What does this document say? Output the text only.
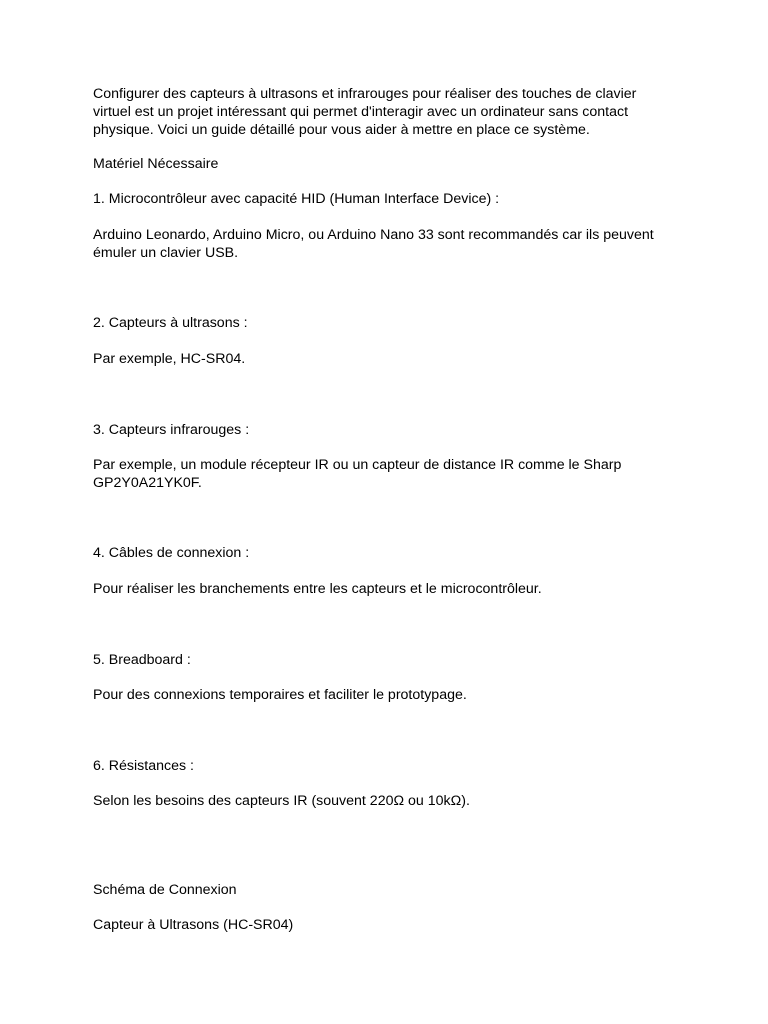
Configurer des capteurs à ultrasons et infrarouges pour réaliser des touches de clavier virtuel est un projet intéressant qui permet d'interagir avec un ordinateur sans contact physique. Voici un guide détaillé pour vous aider à mettre en place ce système.

Matériel Nécessaire

1. Microcontrôleur avec capacité HID (Human Interface Device) :

Arduino Leonardo, Arduino Micro, ou Arduino Nano 33 sont recommandés car ils peuvent émuler un clavier USB.

2. Capteurs à ultrasons :

Par exemple, HC-SR04.

3. Capteurs infrarouges :

Par exemple, un module récepteur IR ou un capteur de distance IR comme le Sharp GP2Y0A21YK0F.

4. Câbles de connexion :

Pour réaliser les branchements entre les capteurs et le microcontrôleur.

5. Breadboard :

Pour des connexions temporaires et faciliter le prototypage.

6. Résistances :

Selon les besoins des capteurs IR (souvent 220Ω ou 10kΩ).

Schéma de Connexion

Capteur à Ultrasons (HC-SR04)
